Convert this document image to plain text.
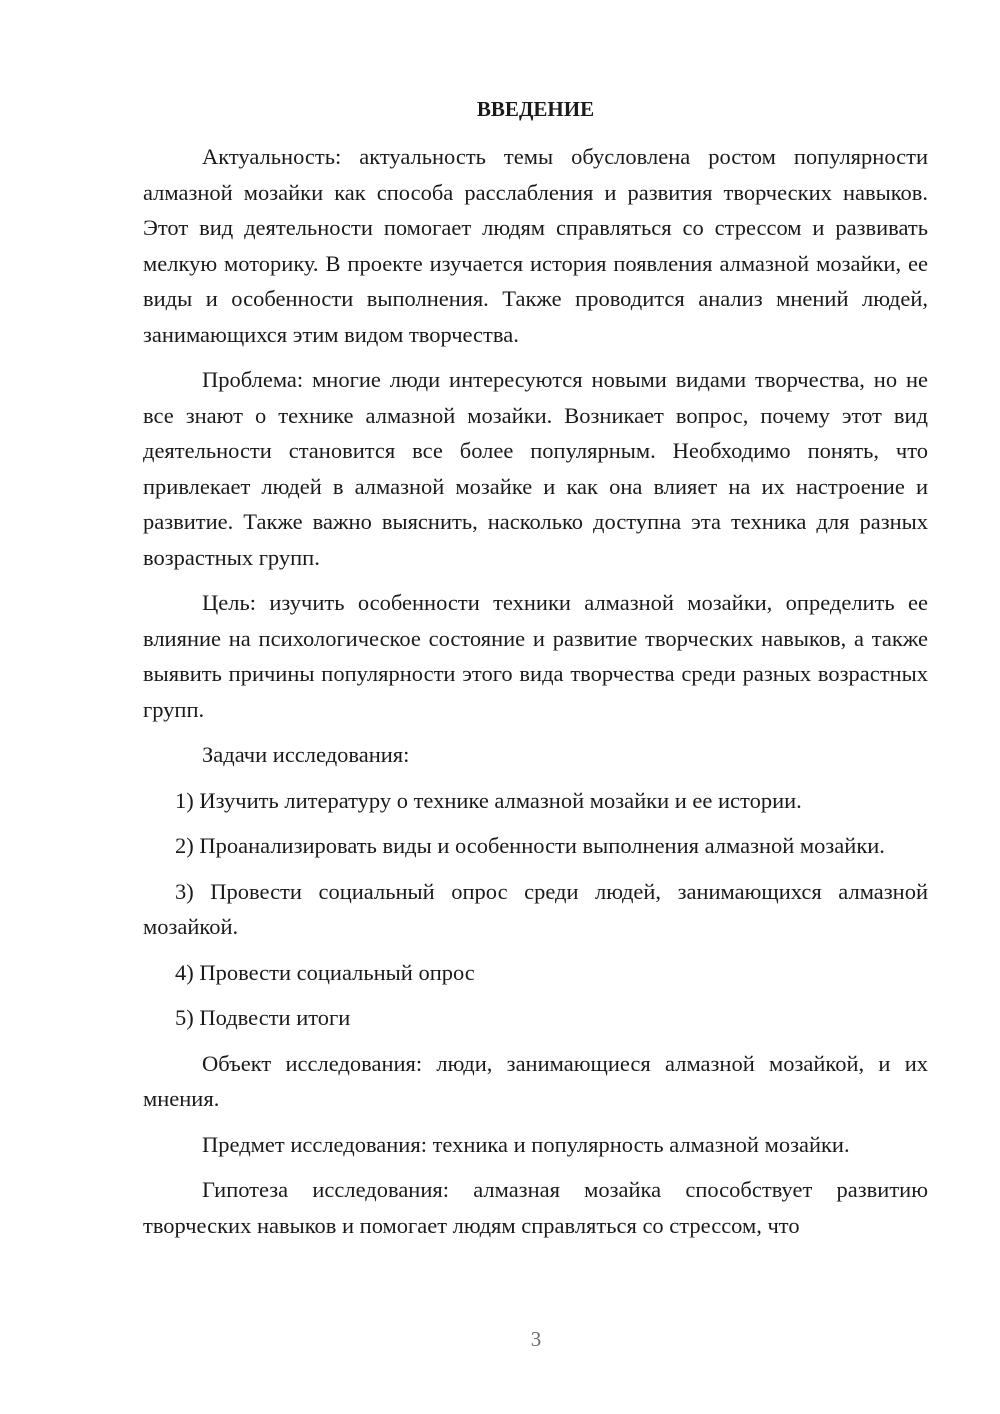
ВВЕДЕНИЕ

Актуальность: актуальность темы обусловлена ростом популярности алмазной мозайки как способа расслабления и развития творческих навыков. Этот вид деятельности помогает людям справляться со стрессом и развивать мелкую моторику. В проекте изучается история появления алмазной мозайки, ее виды и особенности выполнения. Также проводится анализ мнений людей, занимающихся этим видом творчества.

Проблема: многие люди интересуются новыми видами творчества, но не все знают о технике алмазной мозайки. Возникает вопрос, почему этот вид деятельности становится все более популярным. Необходимо понять, что привлекает людей в алмазной мозайке и как она влияет на их настроение и развитие. Также важно выяснить, насколько доступна эта техника для разных возрастных групп.

Цель: изучить особенности техники алмазной мозайки, определить ее влияние на психологическое состояние и развитие творческих навыков, а также выявить причины популярности этого вида творчества среди разных возрастных групп.

Задачи исследования:

1) Изучить литературу о технике алмазной мозайки и ее истории.

2) Проанализировать виды и особенности выполнения алмазной мозайки.

3) Провести социальный опрос среди людей, занимающихся алмазной мозайкой.

4) Провести социальный опрос

5) Подвести итоги

Объект исследования: люди, занимающиеся алмазной мозайкой, и их мнения.

Предмет исследования: техника и популярность алмазной мозайки.

Гипотеза исследования: алмазная мозайка способствует развитию творческих навыков и помогает людям справляться со стрессом, что

3
